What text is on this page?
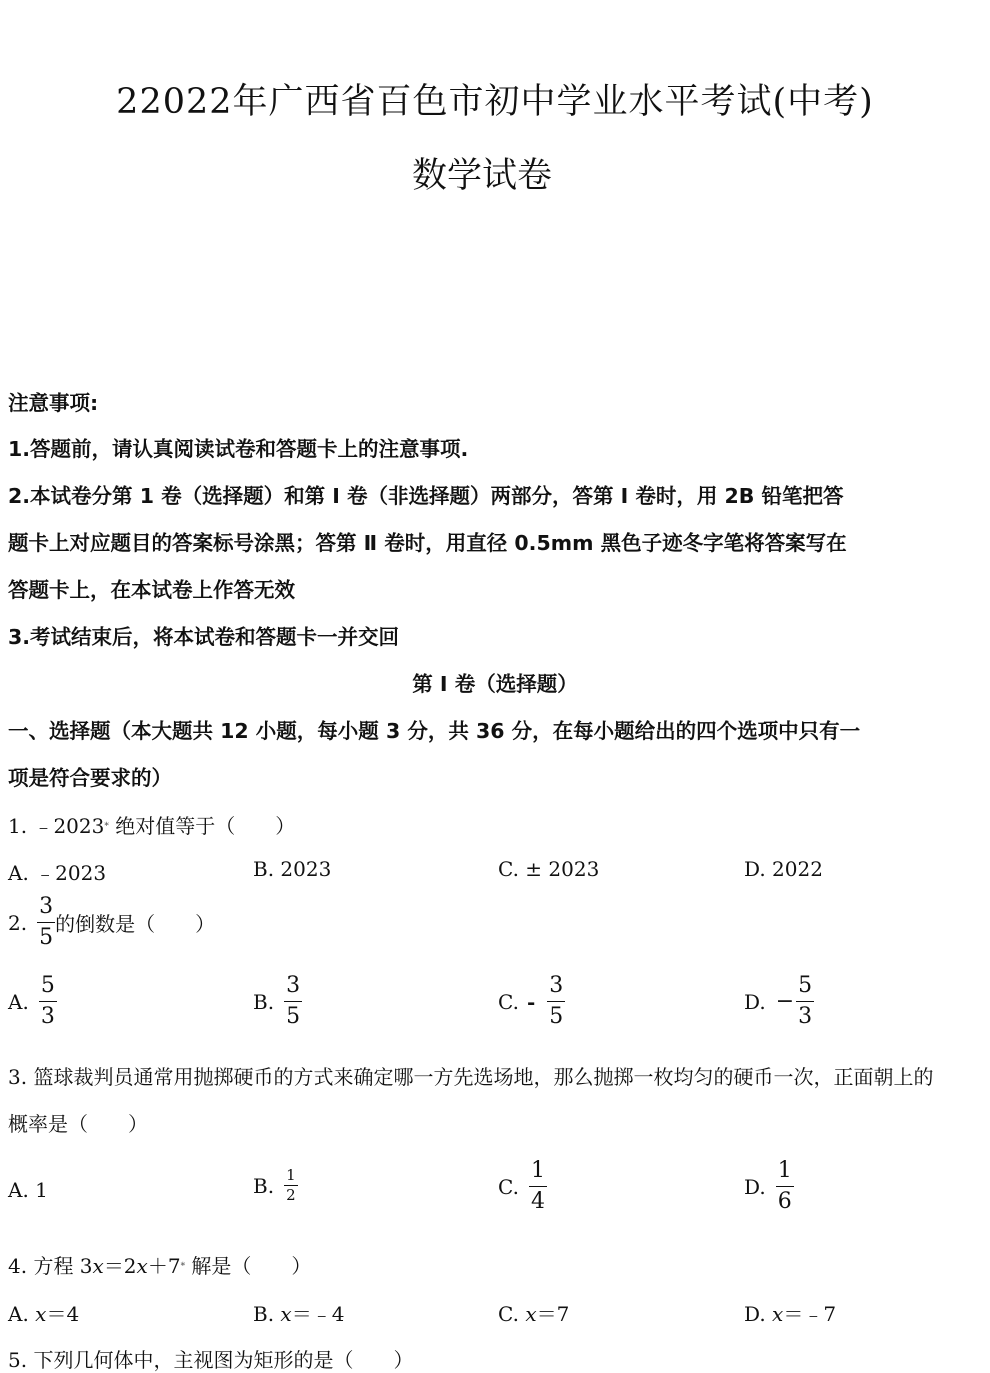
22022年广西省百色市初中学业水平考试(中考)
数学试卷
注意事项:
1.答题前，请认真阅读试卷和答题卡上的注意事项.
2.本试卷分第 1 卷（选择题）和第 I 卷（非选择题）两部分，答第 I 卷时，用 2B 铅笔把答
题卡上对应题目的答案标号涂黑；答第 Ⅱ 卷时，用直径 0.5mm 黑色子迹冬字笔将答案写在
答题卡上，在本试卷上作答无效
3.考试结束后，将本试卷和答题卡一并交回
第 I 卷（选择题）
一、选择题（本大题共 12 小题，每小题 3 分，共 36 分，在每小题给出的四个选项中只有一
项是符合要求的）
1. ﹣2023⁎ 绝对值等于（　　）
A. ﹣2023	B. 2023	C. ± 2023	D. 2022
2. $\frac{3}{5}$ 的倒数是（　　）
A. $\frac{5}{3}$	B. $\frac{3}{5}$	C. - $\frac{3}{5}$	D. − $\frac{5}{3}$
3. 篮球裁判员通常用抛掷硬币的方式来确定哪一方先选场地，那么抛掷一枚均匀的硬币一次，正面朝上的
概率是（　　）
A. 1	B. $\frac{1}{2}$	C. $\frac{1}{4}$	D. $\frac{1}{6}$
4. 方程 3x＝2x＋7⁎ 解是（　　）
A. x＝4	B. x＝﹣4	C. x＝7	D. x＝﹣7
5. 下列几何体中，主视图为矩形的是（　　）
